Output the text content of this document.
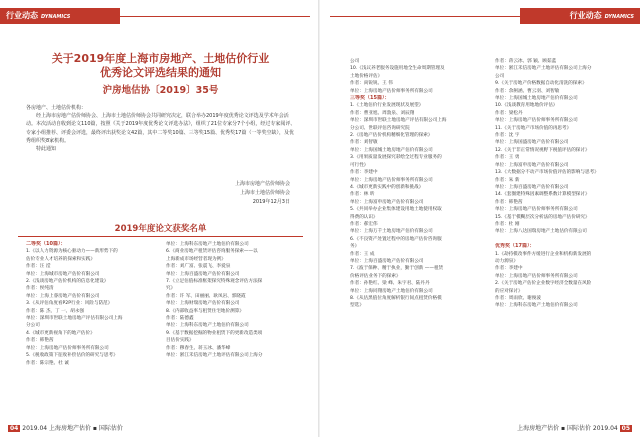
行业动态 DYNAMICS
关于2019年度上海市房地产、土地估价行业
优秀论文评选结果的通知
沪房地估协〔2019〕35号

各房地产、土地估价机构：

经上海市房地产估价师协会、上海市土地估价师协会共同研究决定，联合举办2019年度优秀论文评选及学术年会活动。本次活动自收到论文110篇，按照《关于2019年度优秀论文评选办法》，组织了21位专家分7个小组，经过专家阅评、专家小组推荐、评委会评选，最终评出获奖论文42篇，其中二等奖10篇、三等奖15篇、优秀奖17篇（一等奖空缺），及优秀组织奖8家机构。

特此通知

上海市房地产估价师协会
上海市土地估价师协会
2019年12月3日
2019年度论文获奖名单

二等奖（10篇）：

1.《以人力资源为核心驱动力——新形势下的

估价专业人才培养的探索和实践》

作者：汪 滢

单位：上海城市房地产估价有限公司

2.《浅谈房地产估价机构的信息化建设》

作者：侯纯清

单位：上海上睿房地产估价有限公司

3.《从评估角度看P2P行业：风险与防范》

作者：陈 杰、丁 一、胡永强

单位：深圳市世联土地房地产评估有限公司上海

分公司

4.《城市更新视角下的地产估价》

作者：韩艳茜

单位：上海房地产估价师事务所有限公司

5.《税收政策下征收补偿估价的研究与思考》

作者：陈宗艳、杜 诚

单位：上海科东房地产土地估价有限公司

6.《商业房地产租赁评估咨询服务探索——以

上海新成市场经营者现为例》

作者：刘广富、张震飞、李爱泉

单位：上海百盛房地产估价有限公司

7.《立足估值标准框架探究特殊观念评估方法探

究》

作者：许 军、田丽丽、耿凤岩、郭晓霞

单位：上海财瑞房地产估价有限公司

8.《内部收益率与租赁住宅地价测算》

作者：陆德鑫

单位：上海科东房地产土地估价有限公司

9.《基于数据挖掘的物业租赁下的更新改造类项

目估价实践》

作者：穆春生、蒋玉冰、潘华峰

单位：浙江禾信房地产土地评估有限公司上海分

04 2019.04 上海房地产估价 ▪ 国际估价
行业动态 DYNAMICS

公司

10.《浅议养老服务设施用地全生命周期管理及

土地价格评估》

作者：尚锐锐、王 伟

单位：上海房地产估价师事务所有限公司

三等奖（15篇）：

1.《土地估价行业发展现状及展望》

作者：曹亚旭、周敦泉、刘辰翔

单位：深圳市世联土地房地产评估有限公司上海

分公司、世联评估咨询研究院

2.《房地产估价机构精细化管理的探索》

作者：刘智敏

单位：上海国城土地房地产估价有限公司

3.《用果质量发展探究彩绘全过程专业服务的

可行性》

作者：李建中

单位：上海房地产估价师事务所有限公司

4.《城市更新实践中的创新和挑战》

作者：林 昕

单位：上海富申房地产估价有限公司

5.《共同举办企业集体建设用地土地使用权取

得费的认识》

作者：郝宏伟

单位：上海万千土地房地产估价有限公司

6.《不良资产处置过程中的房地产估价咨询服

务》

作者：王 成

单位：上海百盛房地产估价有限公司

7.《波于保种、精于执业，勤于创新 ——租赁

价格评估业务下的探索》

作者：孙艳红、梁 峰、朱宇君、陆丹丹

单位：上海同翔房地产土地估价有限公司

8.《从估黑值位角度解析银行间点租赁价格模

型选》

作者：蒋云冰、郭 颖、顾茹蓝

单位：浙江禾信房地产土地评估有限公司上海分

公司

9.《关于房地产价格数据自动化清洗的探索》

作者：余舸涵、曹云羽、刘智敏

单位：上海国城土地房地产估价有限公司

10.《浅谈教育用地地价评估》

作者：梁松丹

单位：上海房地产估价师事务所有限公司

11.《关于房地产市场价值的再思考》

作者：沈 宇

单位：上海国盛房地产估价有限公司

12.《关于非正常情况视野下税值评估的探讨》

作者：王 勇

单位：上海富申房地产估价有限公司

13.《大数据分不动产市场价值评估的影响与思考》

作者：朱 新

单位：上海百盛房地产估价有限公司

14.《套圈建特殊因素调整系数计算模型探讨》

作者：韩艳茜

单位：上海房地产估价师事务所有限公司

15.《基于模糊层次分析法的房地产估价研究》

作者：杜 刚

单位：上海八达国瑞房地产土地估价有限公司

优秀奖（17篇）：

1.《劫持模改事件方缓进行企业和机构新发展的

动力源泉》

作者：李建中

单位：上海房地产估价师事务所有限公司

2.《关于房地产估价企业数字经济全数量在风险

的应对探讨》

作者：周雨欣、谢俊波

单位：上海科东房地产土地估价有限公司

上海房地产估价 ▪ 国际估价 2019.04 05
